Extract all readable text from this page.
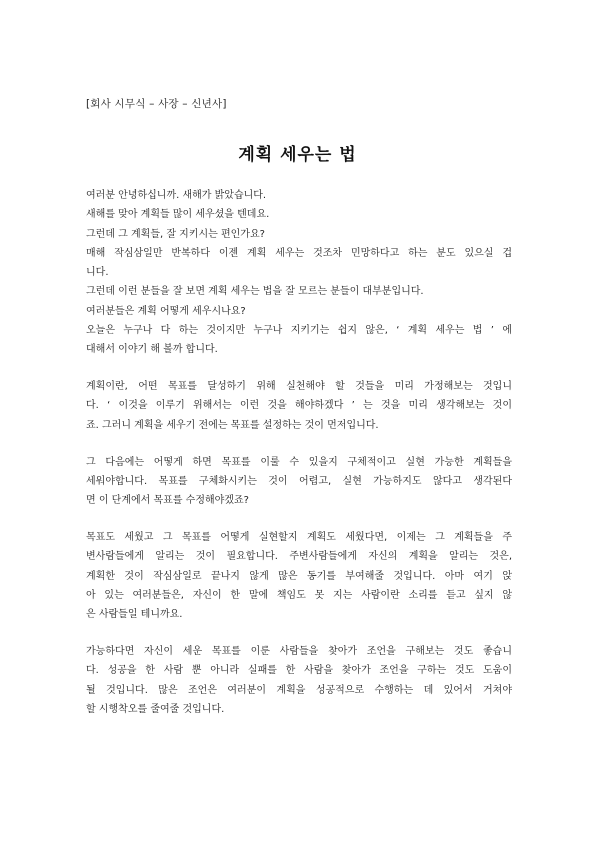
[회사 시무식 – 사장 – 신년사]
계획 세우는 법
여러분 안녕하십니까. 새해가 밝았습니다.
새해를 맞아 계획들 많이 세우셨을 텐데요.
그런데 그 계획들, 잘 지키시는 편인가요?
매해 작심삼일만 반복하다 이젠 계획 세우는 것조차 민망하다고 하는 분도 있으실 겁
니다.
그런데 이런 분들을 잘 보면 계획 세우는 법을 잘 모르는 분들이 대부분입니다.
여러분들은 계획 어떻게 세우시나요?
오늘은 누구나 다 하는 것이지만 누구나 지키기는 쉽지 않은, ‘ 계획 세우는 법 ’ 에
대해서 이야기 해 볼까 합니다.
계획이란, 어떤 목표를 달성하기 위해 실천해야 할 것들을 미리 가정해보는 것입니
다. ‘ 이것을 이루기 위해서는 이런 것을 해야하겠다 ’ 는 것을 미리 생각해보는 것이
죠. 그러니 계획을 세우기 전에는 목표를 설정하는 것이 먼저입니다.
그 다음에는 어떻게 하면 목표를 이룰 수 있을지 구체적이고 실현 가능한 계획들을
세워야합니다. 목표를 구체화시키는 것이 어렵고, 실현 가능하지도 않다고 생각된다
면 이 단계에서 목표를 수정해야겠죠?
목표도 세웠고 그 목표를 어떻게 실현할지 계획도 세웠다면, 이제는 그 계획들을 주
변사람들에게 알리는 것이 필요합니다. 주변사람들에게 자신의 계획을 알리는 것은,
계획한 것이 작심삼일로 끝나지 않게 많은 동기를 부여해줄 것입니다. 아마 여기 앉
아 있는 여러분들은, 자신이 한 말에 책임도 못 지는 사람이란 소리를 듣고 싶지 않
은 사람들일 테니까요.
가능하다면 자신이 세운 목표를 이룬 사람들을 찾아가 조언을 구해보는 것도 좋습니
다. 성공을 한 사람 뿐 아니라 실패를 한 사람을 찾아가 조언을 구하는 것도 도움이
될 것입니다. 많은 조언은 여러분이 계획을 성공적으로 수행하는 데 있어서 거쳐야
할 시행착오를 줄여줄 것입니다.
